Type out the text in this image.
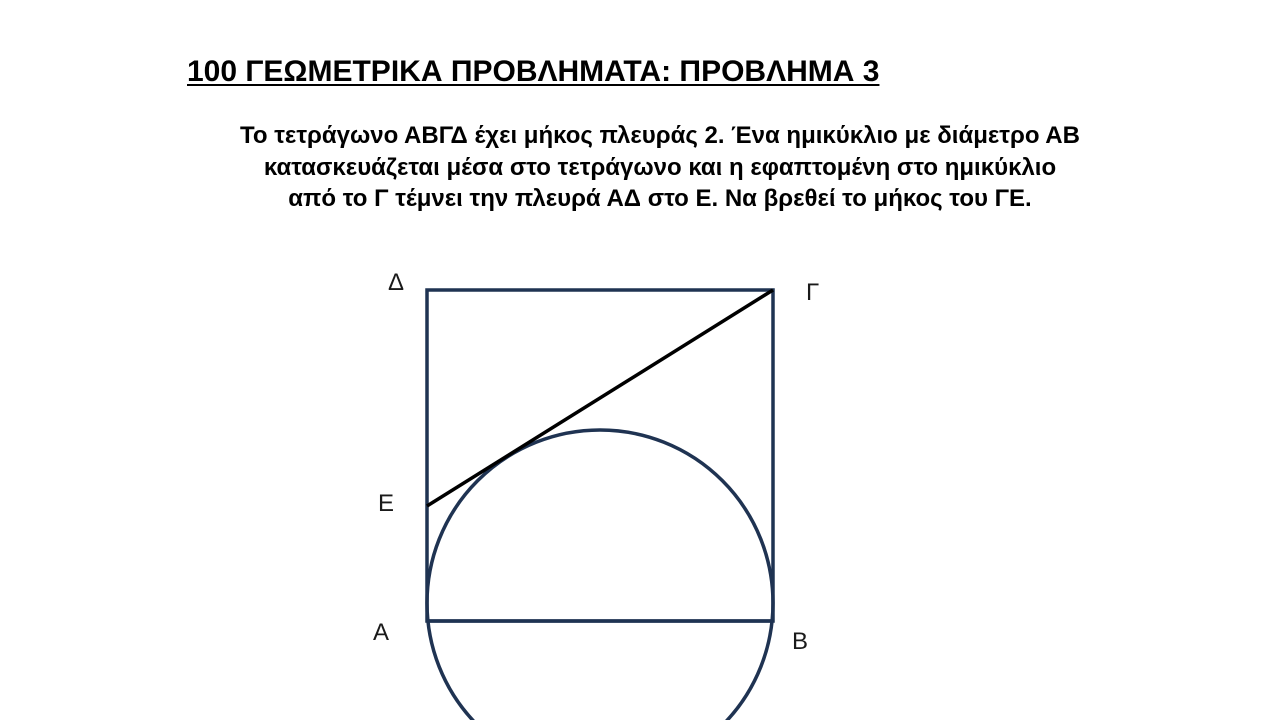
100 ΓΕΩΜΕΤΡΙΚΑ ΠΡΟΒΛΗΜΑΤΑ: ΠΡΟΒΛΗΜΑ 3
Το τετράγωνο ΑΒΓΔ έχει μήκος πλευράς 2. Ένα ημικύκλιο με διάμετρο ΑΒ
κατασκευάζεται μέσα στο τετράγωνο και η εφαπτομένη στο ημικύκλιο
από το Γ τέμνει την πλευρά ΑΔ στο Ε. Να βρεθεί το μήκος του ΓΕ.
Δ	Γ
Ε
Α	Β
